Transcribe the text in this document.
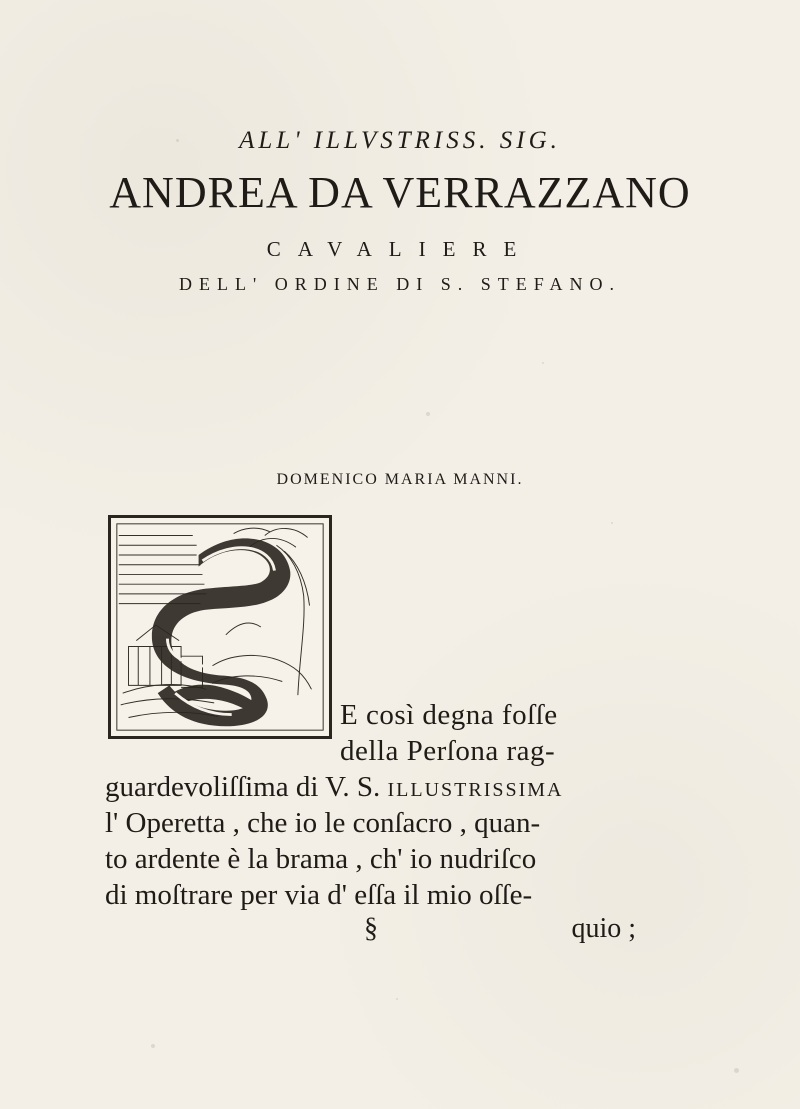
ALL' ILLVSTRISS. SIG.
ANDREA DA VERRAZZANO
CAVALIERE
DELL' ORDINE DI S. STEFANO.
DOMENICO MARIA MANNI.
E così degna foſſe
della Perſona rag-
guardevoliſſima di V. S. ILLUSTRISSIMA
l' Operetta , che io le conſacro , quan-
to ardente è la brama , ch' io nudriſco
di moſtrare per via d' eſſa il mio oſſe-
§	quio ;
